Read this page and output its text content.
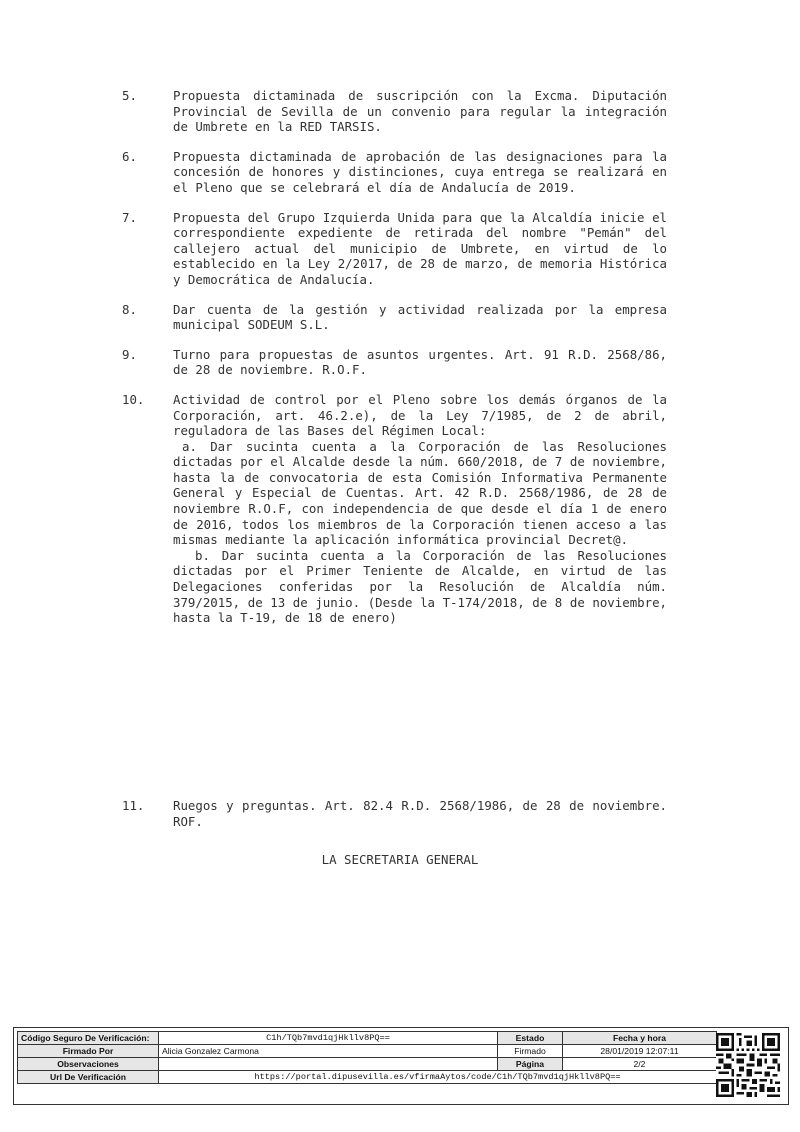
5.	Propuesta dictaminada de suscripción con la Excma. Diputación Provincial de Sevilla de un convenio para regular la integración de Umbrete en la RED TARSIS.
6.	Propuesta dictaminada de aprobación de las designaciones para la concesión de honores y distinciones, cuya entrega se realizará en el Pleno que se celebrará el día de Andalucía de 2019.
7.	Propuesta del Grupo Izquierda Unida para que la Alcaldía inicie el correspondiente expediente de retirada del nombre "Pemán" del callejero actual del municipio de Umbrete, en virtud de lo establecido en la Ley 2/2017, de 28 de marzo, de memoria Histórica y Democrática de Andalucía.
8.	Dar cuenta de la gestión y actividad realizada por la empresa municipal SODEUM S.L.
9.	Turno para propuestas de asuntos urgentes. Art. 91 R.D. 2568/86, de 28 de noviembre. R.O.F.
10.	Actividad de control por el Pleno sobre los demás órganos de la Corporación, art. 46.2.e), de la Ley 7/1985, de 2 de abril, reguladora de las Bases del Régimen Local:

a. Dar sucinta cuenta a la Corporación de las Resoluciones dictadas por el Alcalde desde la núm. 660/2018, de 7 de noviembre, hasta la de convocatoria de esta Comisión Informativa Permanente General y Especial de Cuentas. Art. 42 R.D. 2568/1986, de 28 de noviembre R.O.F, con independencia de que desde el día 1 de enero de 2016, todos los miembros de la Corporación tienen acceso a las mismas mediante la aplicación informática provincial Decret@.

b. Dar sucinta cuenta a la Corporación de las Resoluciones dictadas por el Primer Teniente de Alcalde, en virtud de las Delegaciones conferidas por la Resolución de Alcaldía núm. 379/2015, de 13 de junio. (Desde la T-174/2018, de 8 de noviembre, hasta la T-19, de 18 de enero)

11.	Ruegos y preguntas. Art. 82.4 R.D. 2568/1986, de 28 de noviembre. ROF.
LA SECRETARIA GENERAL
Código Seguro De Verificación:	C1h/TQb7mvd1qjHkllv8PQ==	Estado	Fecha y hora
Firmado Por	Alicia Gonzalez Carmona	Firmado	28/01/2019 12:07:11
Observaciones		Página	2/2
Url De Verificación	https://portal.dipusevilla.es/vfirmaAytos/code/C1h/TQb7mvd1qjHkllv8PQ==		
